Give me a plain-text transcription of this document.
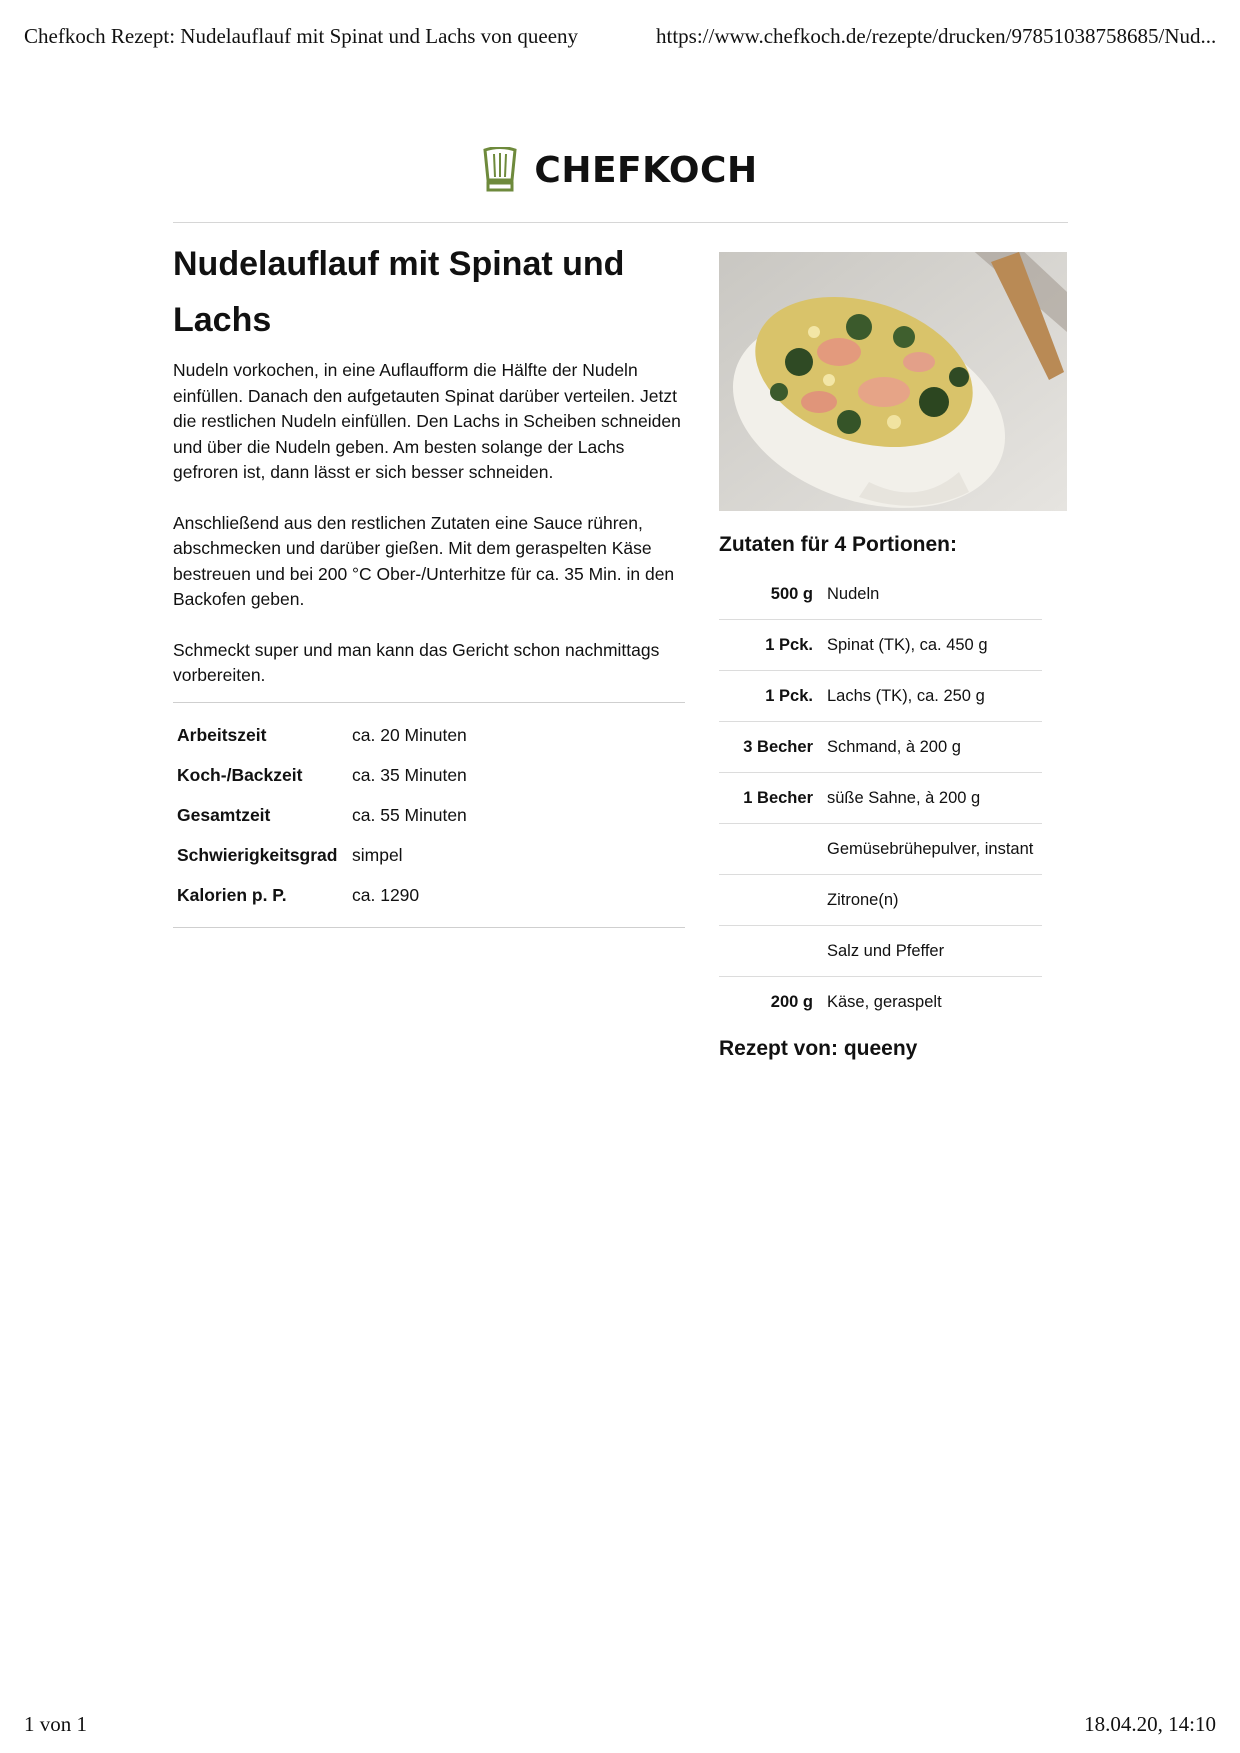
Chefkoch Rezept: Nudelauflauf mit Spinat und Lachs von queeny	https://www.chefkoch.de/rezepte/drucken/97851038758685/Nud...
CHEFKOCH
Nudelauflauf mit Spinat und Lachs

Nudeln vorkochen, in eine Auflaufform die Hälfte der Nudeln einfüllen. Danach den aufgetauten Spinat darüber verteilen. Jetzt die restlichen Nudeln einfüllen. Den Lachs in Scheiben schneiden und über die Nudeln geben. Am besten solange der Lachs gefroren ist, dann lässt er sich besser schneiden.

Anschließend aus den restlichen Zutaten eine Sauce rühren, abschmecken und darüber gießen. Mit dem geraspelten Käse bestreuen und bei 200 °C Ober-/Unterhitze für ca. 35 Min. in den Backofen geben.

Schmeckt super und man kann das Gericht schon nachmittags vorbereiten.

Arbeitszeit	ca. 20 Minuten
Koch-/Backzeit	ca. 35 Minuten
Gesamtzeit	ca. 55 Minuten
Schwierigkeitsgrad simpel
Kalorien p. P.	ca. 1290
Zutaten für 4 Portionen:
500 g Nudeln
1 Pck. Spinat (TK), ca. 450 g
1 Pck. Lachs (TK), ca. 250 g
3 Becher Schmand, à 200 g
1 Becher süße Sahne, à 200 g
Gemüsebrühepulver, instant
Zitrone(n)
Salz und Pfeffer
200 g Käse, geraspelt
Rezept von: queeny
1 von 1	18.04.20, 14:10
